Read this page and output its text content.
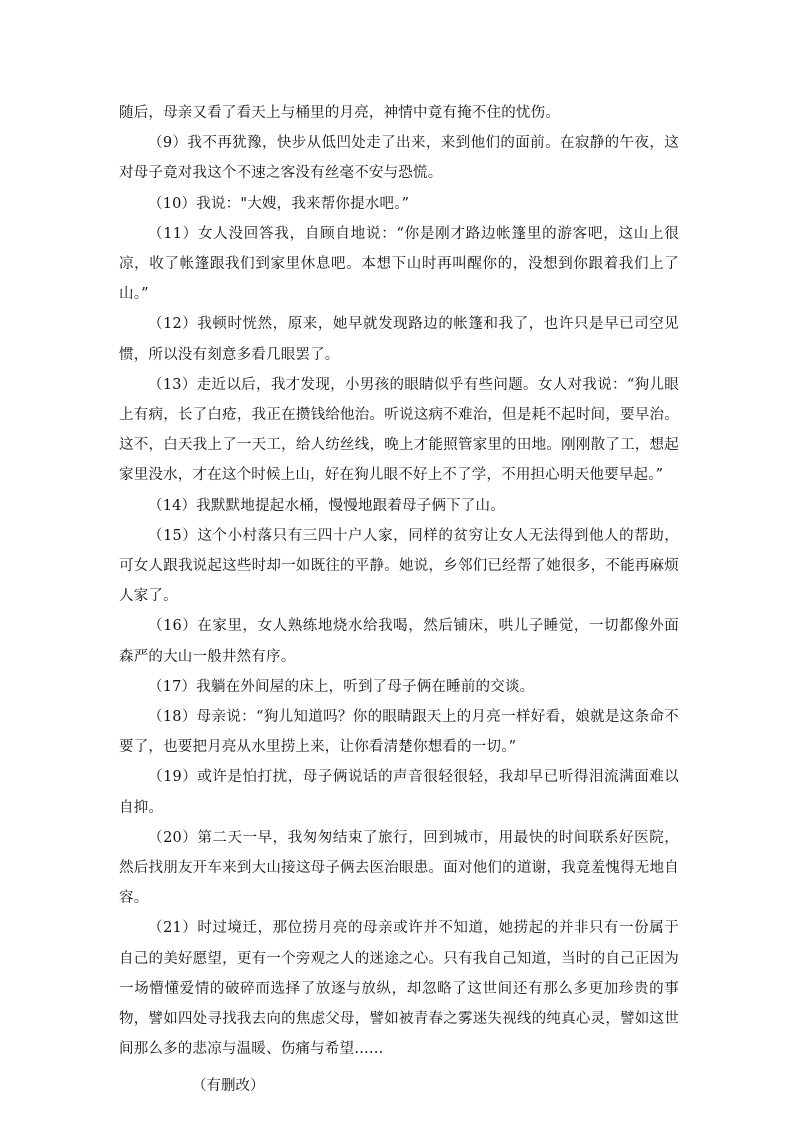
随后，母亲又看了看天上与桶里的月亮，神情中竟有掩不住的忧伤。

（9）我不再犹豫，快步从低凹处走了出来，来到他们的面前。在寂静的午夜，这对母子竟对我这个不速之客没有丝毫不安与恐慌。

（10）我说："大嫂，我来帮你提水吧。”

（11）女人没回答我，自顾自地说：“你是刚才路边帐篷里的游客吧，这山上很凉，收了帐篷跟我们到家里休息吧。本想下山时再叫醒你的，没想到你跟着我们上了山。”

（12）我顿时恍然，原来，她早就发现路边的帐篷和我了，也许只是早已司空见惯，所以没有刻意多看几眼罢了。

（13）走近以后，我才发现，小男孩的眼睛似乎有些问题。女人对我说：“狗儿眼上有病，长了白疮，我正在攒钱给他治。听说这病不难治，但是耗不起时间，要早治。这不，白天我上了一天工，给人纺丝线，晚上才能照管家里的田地。刚刚散了工，想起家里没水，才在这个时候上山，好在狗儿眼不好上不了学，不用担心明天他要早起。”

（14）我默默地提起水桶，慢慢地跟着母子俩下了山。

（15）这个小村落只有三四十户人家，同样的贫穷让女人无法得到他人的帮助，可女人跟我说起这些时却一如既往的平静。她说，乡邻们已经帮了她很多，不能再麻烦人家了。

（16）在家里，女人熟练地烧水给我喝，然后铺床，哄儿子睡觉，一切都像外面森严的大山一般井然有序。

（17）我躺在外间屋的床上，听到了母子俩在睡前的交谈。

（18）母亲说：“狗儿知道吗？你的眼睛跟天上的月亮一样好看，娘就是这条命不要了，也要把月亮从水里捞上来，让你看清楚你想看的一切。”

（19）或许是怕打扰，母子俩说话的声音很轻很轻，我却早已听得泪流满面难以自抑。

（20）第二天一早，我匆匆结束了旅行，回到城市，用最快的时间联系好医院，然后找朋友开车来到大山接这母子俩去医治眼患。面对他们的道谢，我竟羞愧得无地自容。

（21）时过境迁，那位捞月亮的母亲或许并不知道，她捞起的并非只有一份属于自己的美好愿望，更有一个旁观之人的迷途之心。只有我自己知道，当时的自己正因为一场懵懂爱情的破碎而选择了放逐与放纵，却忽略了这世间还有那么多更加珍贵的事物，譬如四处寻找我去向的焦虑父母，譬如被青春之雾迷失视线的纯真心灵，譬如这世间那么多的悲凉与温暖、伤痛与希望……

（有删改）
